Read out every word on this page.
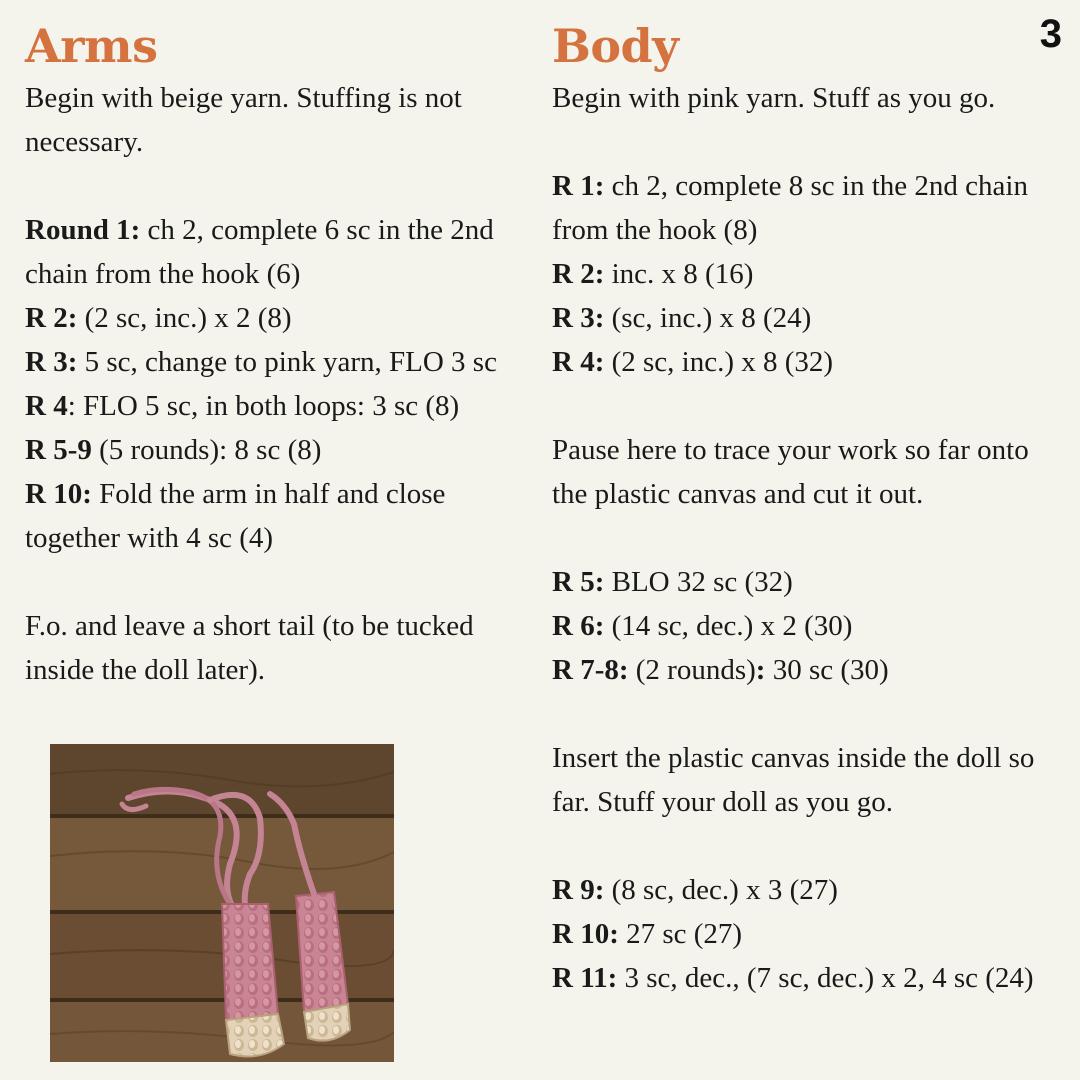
3
Arms
Begin with beige yarn. Stuffing is not necessary.
Round 1: ch 2, complete 6 sc in the 2nd chain from the hook (6)
R 2: (2 sc, inc.) x 2 (8)
R 3: 5 sc, change to pink yarn, FLO 3 sc
R 4: FLO 5 sc, in both loops: 3 sc (8)
R 5-9 (5 rounds): 8 sc (8)
R 10: Fold the arm in half and close together with 4 sc (4)
F.o. and leave a short tail (to be tucked inside the doll later).
Body
Begin with pink yarn. Stuff as you go.
R 1: ch 2, complete 8 sc in the 2nd chain from the hook (8)
R 2: inc. x 8 (16)
R 3: (sc, inc.) x 8 (24)
R 4: (2 sc, inc.) x 8 (32)
Pause here to trace your work so far onto the plastic canvas and cut it out.
R 5: BLO 32 sc (32)
R 6: (14 sc, dec.) x 2 (30)
R 7-8: (2 rounds): 30 sc (30)
Insert the plastic canvas inside the doll so far. Stuff your doll as you go.
R 9: (8 sc, dec.) x 3 (27)
R 10: 27 sc (27)
R 11: 3 sc, dec., (7 sc, dec.) x 2, 4 sc (24)
